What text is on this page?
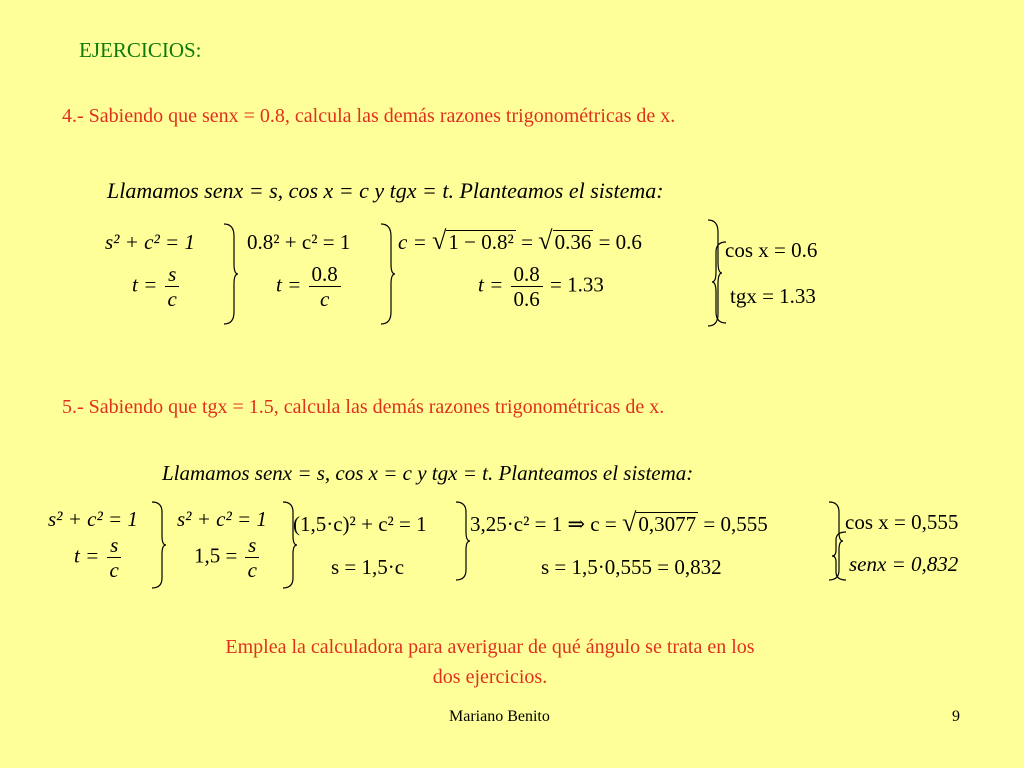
EJERCICIOS:
4.- Sabiendo que senx = 0.8, calcula las demás razones trigonométricas de x.
Llamamos senx = s, cos x = c y tgx = t. Planteamos el sistema:
s² + c² = 1
$t = \frac{s}{c}$
0.8² + c² = 1
$t = \frac{0.8}{c}$
c = √1 − 0.8² = √0.36 = 0.6
$t = \frac{0.8}{0.6} = 1.33$
cos x = 0.6
tgx = 1.33
5.- Sabiendo que tgx = 1.5, calcula las demás razones trigonométricas de x.
Llamamos senx = s, cos x = c y tgx = t. Planteamos el sistema:
s² + c² = 1
$t = \frac{s}{c}$
s² + c² = 1
$1,5 = \frac{s}{c}$
(1,5·c)² + c² = 1
s = 1,5·c
3,25·c² = 1 ⇒ c = √0,3077 = 0,555
s = 1,5·0,555 = 0,832
cos x = 0,555
senx = 0,832
Emplea la calculadora para averiguar de qué ángulo se trata en los
dos ejercicios.
Mariano Benito	9
